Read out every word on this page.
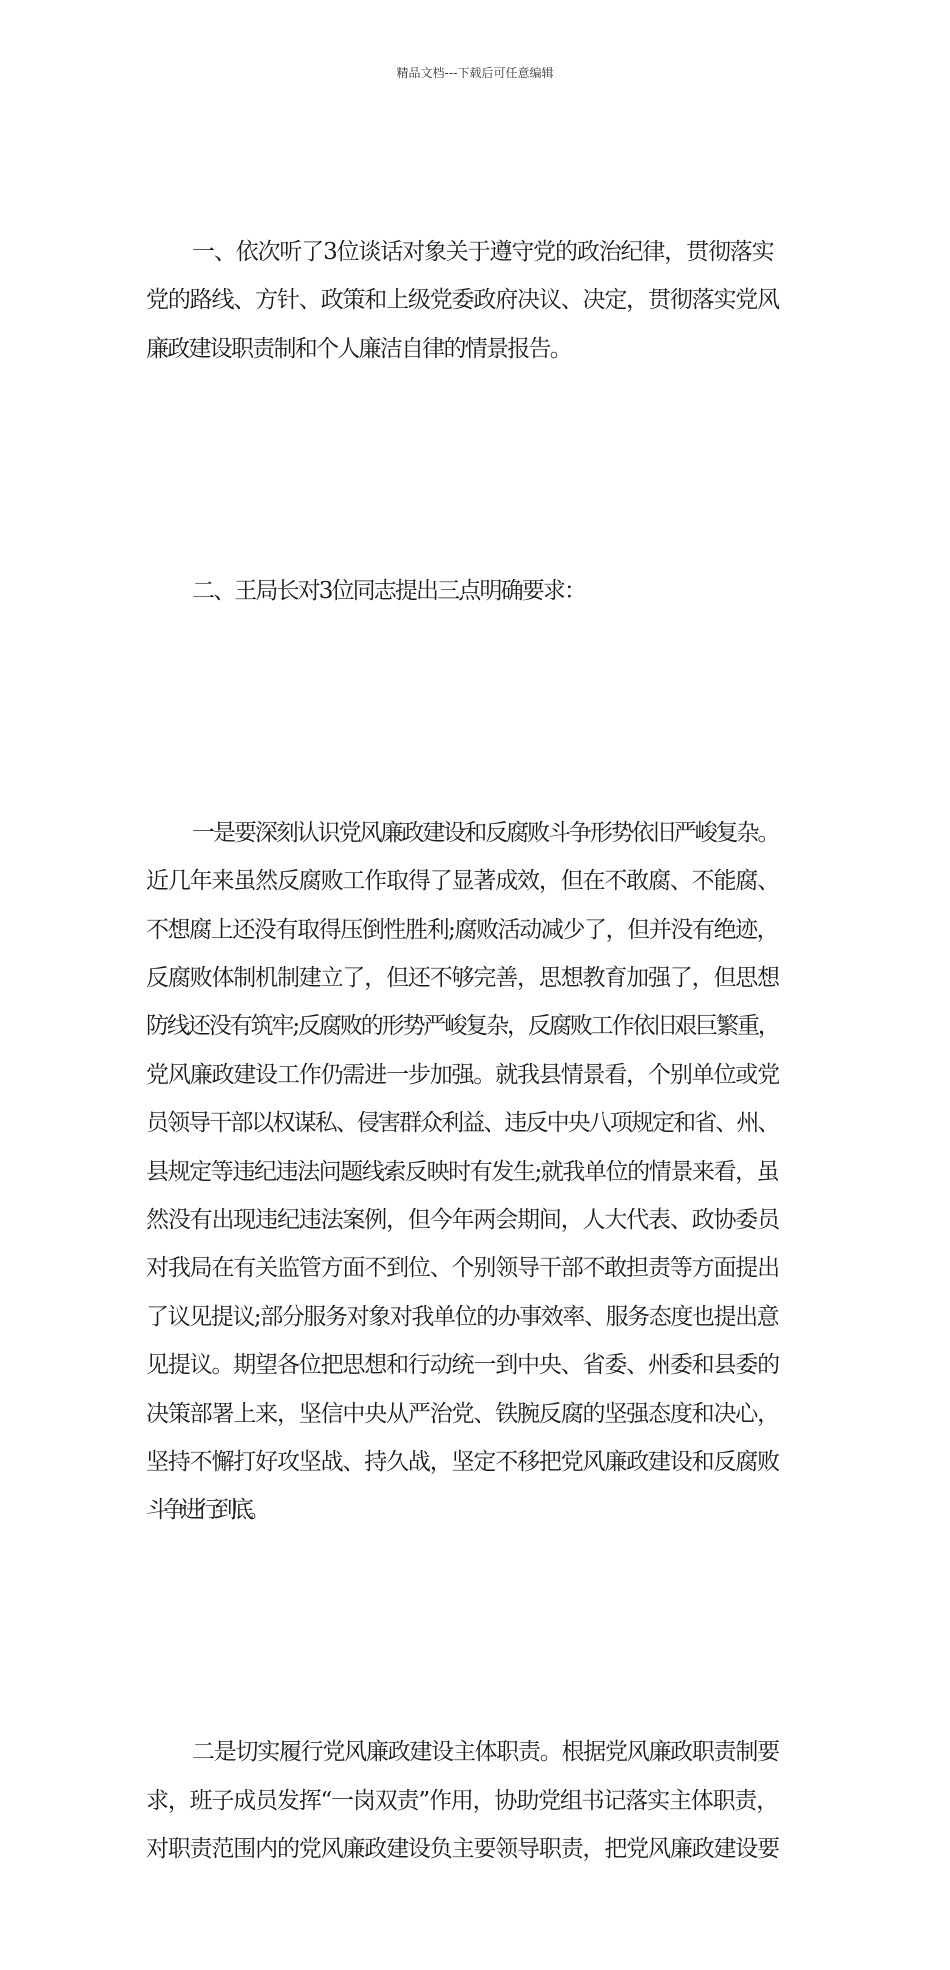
精品文档---下载后可任意编辑

一、依次听了3位谈话对象关于遵守党的政治纪律，贯彻落实
党的路线、方针、政策和上级党委政府决议、决定，贯彻落实党风
廉政建设职责制和个人廉洁自律的情景报告。

二、王局长对3位同志提出三点明确要求：

一是要深刻认识党风廉政建设和反腐败斗争形势依旧严峻复杂。
近几年来虽然反腐败工作取得了显著成效，但在不敢腐、不能腐、
不想腐上还没有取得压倒性胜利;腐败活动减少了，但并没有绝迹，
反腐败体制机制建立了，但还不够完善，思想教育加强了，但思想
防线还没有筑牢;反腐败的形势严峻复杂，反腐败工作依旧艰巨繁重，
党风廉政建设工作仍需进一步加强。就我县情景看，个别单位或党
员领导干部以权谋私、侵害群众利益、违反中央八项规定和省、州、
县规定等违纪违法问题线索反映时有发生;就我单位的情景来看，虽
然没有出现违纪违法案例，但今年两会期间，人大代表、政协委员
对我局在有关监管方面不到位、个别领导干部不敢担责等方面提出
了议见提议;部分服务对象对我单位的办事效率、服务态度也提出意
见提议。期望各位把思想和行动统一到中央、省委、州委和县委的
决策部署上来，坚信中央从严治党、铁腕反腐的坚强态度和决心，
坚持不懈打好攻坚战、持久战，坚定不移把党风廉政建设和反腐败
斗争进行到底。

二是切实履行党风廉政建设主体职责。根据党风廉政职责制要
求，班子成员发挥“一岗双责”作用，协助党组书记落实主体职责，
对职责范围内的党风廉政建设负主要领导职责，把党风廉政建设要
